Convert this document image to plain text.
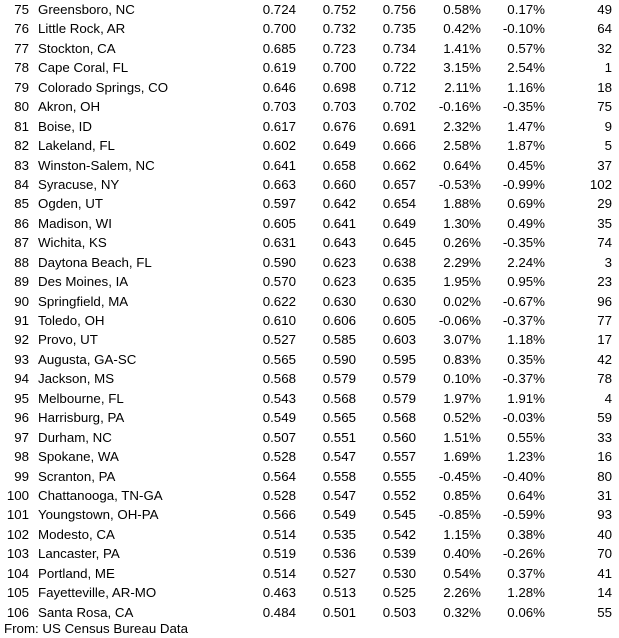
75 Greensboro, NC	0.724	0.752	0.756	0.58%	0.17%	49
76 Little Rock, AR	0.700	0.732	0.735	0.42%	-0.10%	64
77 Stockton, CA	0.685	0.723	0.734	1.41%	0.57%	32
78 Cape Coral, FL	0.619	0.700	0.722	3.15%	2.54%	1
79 Colorado Springs, CO	0.646	0.698	0.712	2.11%	1.16%	18
80 Akron, OH	0.703	0.703	0.702	-0.16%	-0.35%	75
81 Boise, ID	0.617	0.676	0.691	2.32%	1.47%	9
82 Lakeland, FL	0.602	0.649	0.666	2.58%	1.87%	5
83 Winston-Salem, NC	0.641	0.658	0.662	0.64%	0.45%	37
84 Syracuse, NY	0.663	0.660	0.657	-0.53%	-0.99%	102
85 Ogden, UT	0.597	0.642	0.654	1.88%	0.69%	29
86 Madison, WI	0.605	0.641	0.649	1.30%	0.49%	35
87 Wichita, KS	0.631	0.643	0.645	0.26%	-0.35%	74
88 Daytona Beach, FL	0.590	0.623	0.638	2.29%	2.24%	3
89 Des Moines, IA	0.570	0.623	0.635	1.95%	0.95%	23
90 Springfield, MA	0.622	0.630	0.630	0.02%	-0.67%	96
91 Toledo, OH	0.610	0.606	0.605	-0.06%	-0.37%	77
92 Provo, UT	0.527	0.585	0.603	3.07%	1.18%	17
93 Augusta, GA-SC	0.565	0.590	0.595	0.83%	0.35%	42
94 Jackson, MS	0.568	0.579	0.579	0.10%	-0.37%	78
95 Melbourne, FL	0.543	0.568	0.579	1.97%	1.91%	4
96 Harrisburg, PA	0.549	0.565	0.568	0.52%	-0.03%	59
97 Durham, NC	0.507	0.551	0.560	1.51%	0.55%	33
98 Spokane, WA	0.528	0.547	0.557	1.69%	1.23%	16
99 Scranton, PA	0.564	0.558	0.555	-0.45%	-0.40%	80
100 Chattanooga, TN-GA	0.528	0.547	0.552	0.85%	0.64%	31
101 Youngstown, OH-PA	0.566	0.549	0.545	-0.85%	-0.59%	93
102 Modesto, CA	0.514	0.535	0.542	1.15%	0.38%	40
103 Lancaster, PA	0.519	0.536	0.539	0.40%	-0.26%	70
104 Portland, ME	0.514	0.527	0.530	0.54%	0.37%	41
105 Fayetteville, AR-MO	0.463	0.513	0.525	2.26%	1.28%	14
106 Santa Rosa, CA	0.484	0.501	0.503	0.32%	0.06%	55
From: US Census Bureau Data
